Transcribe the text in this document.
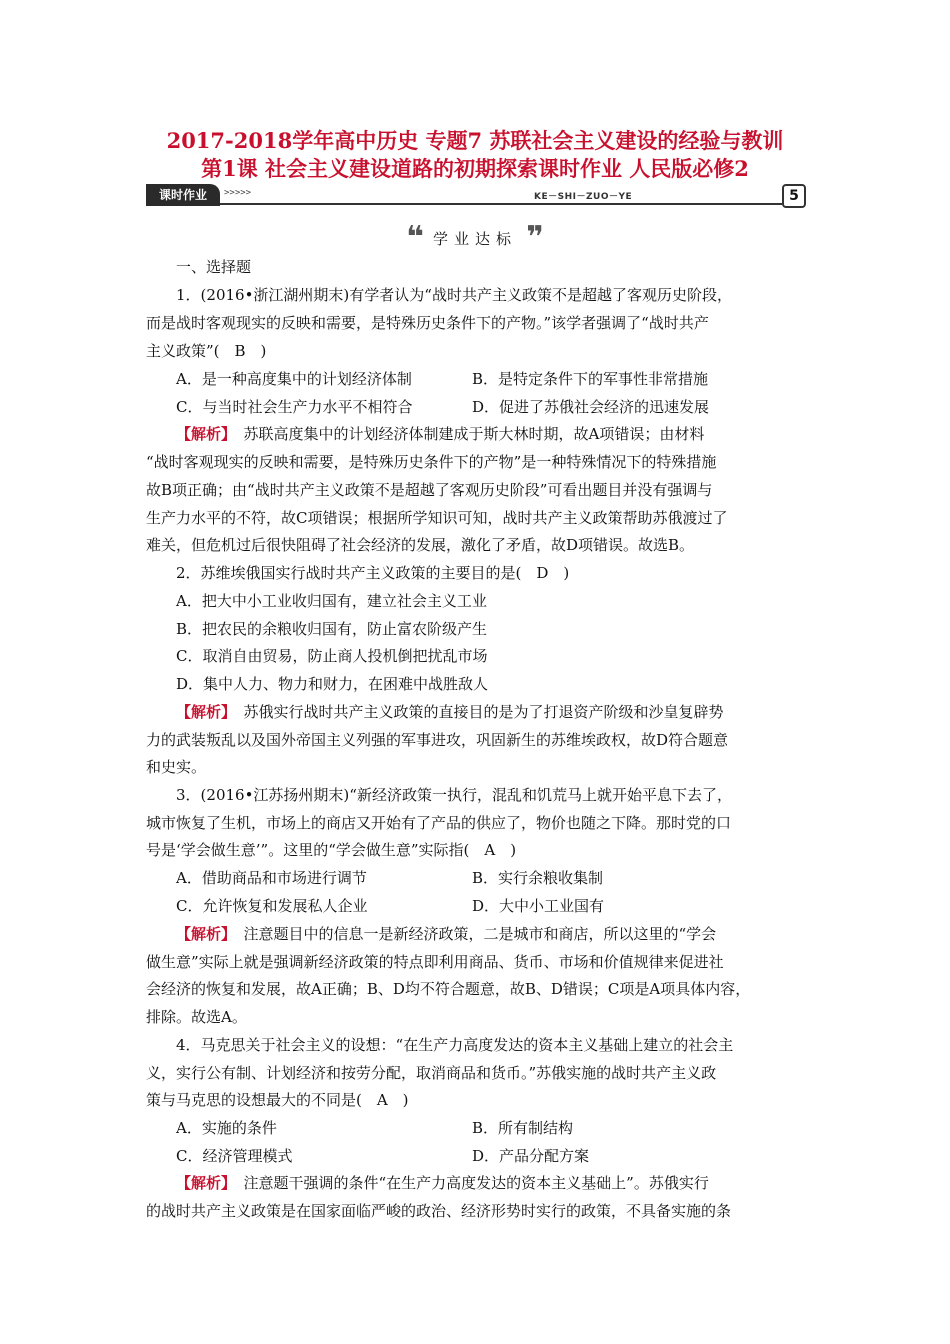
2017-2018学年高中历史 专题7 苏联社会主义建设的经验与教训
第1课 社会主义建设道路的初期探索课时作业 人民版必修2
课时作业	>>>>>	KE－SHI－ZUO－YE	5
❝ 学业达标 ❞
一、选择题
1．(2016•浙江湖州期末)有学者认为“战时共产主义政策不是超越了客观历史阶段，
而是战时客观现实的反映和需要，是特殊历史条件下的产物。”该学者强调了“战时共产
主义政策”(　B　)
A．是一种高度集中的计划经济体制	B．是特定条件下的军事性非常措施
C．与当时社会生产力水平不相符合	D．促进了苏俄社会经济的迅速发展
【解析】　苏联高度集中的计划经济体制建成于斯大林时期，故A项错误；由材料
“战时客观现实的反映和需要，是特殊历史条件下的产物”是一种特殊情况下的特殊措施
故B项正确；由“战时共产主义政策不是超越了客观历史阶段”可看出题目并没有强调与
生产力水平的不符，故C项错误；根据所学知识可知，战时共产主义政策帮助苏俄渡过了
难关，但危机过后很快阻碍了社会经济的发展，激化了矛盾，故D项错误。故选B。
2．苏维埃俄国实行战时共产主义政策的主要目的是(　D　)
A．把大中小工业收归国有，建立社会主义工业
B．把农民的余粮收归国有，防止富农阶级产生
C．取消自由贸易，防止商人投机倒把扰乱市场
D．集中人力、物力和财力，在困难中战胜敌人
【解析】　苏俄实行战时共产主义政策的直接目的是为了打退资产阶级和沙皇复辟势
力的武装叛乱以及国外帝国主义列强的军事进攻，巩固新生的苏维埃政权，故D符合题意
和史实。
3．(2016•江苏扬州期末)“新经济政策一执行，混乱和饥荒马上就开始平息下去了，
城市恢复了生机，市场上的商店又开始有了产品的供应了，物价也随之下降。那时党的口
号是‘学会做生意’”。这里的“学会做生意”实际指(　A　)
A．借助商品和市场进行调节	B．实行余粮收集制
C．允许恢复和发展私人企业	D．大中小工业国有
【解析】　注意题目中的信息一是新经济政策，二是城市和商店，所以这里的“学会
做生意”实际上就是强调新经济政策的特点即利用商品、货币、市场和价值规律来促进社
会经济的恢复和发展，故A正确；B、D均不符合题意，故B、D错误；C项是A项具体内容，
排除。故选A。
4．马克思关于社会主义的设想：“在生产力高度发达的资本主义基础上建立的社会主
义，实行公有制、计划经济和按劳分配，取消商品和货币。”苏俄实施的战时共产主义政
策与马克思的设想最大的不同是(　A　)
A．实施的条件	B．所有制结构
C．经济管理模式	D．产品分配方案
【解析】　注意题干强调的条件“在生产力高度发达的资本主义基础上”。苏俄实行
的战时共产主义政策是在国家面临严峻的政治、经济形势时实行的政策，不具备实施的条
